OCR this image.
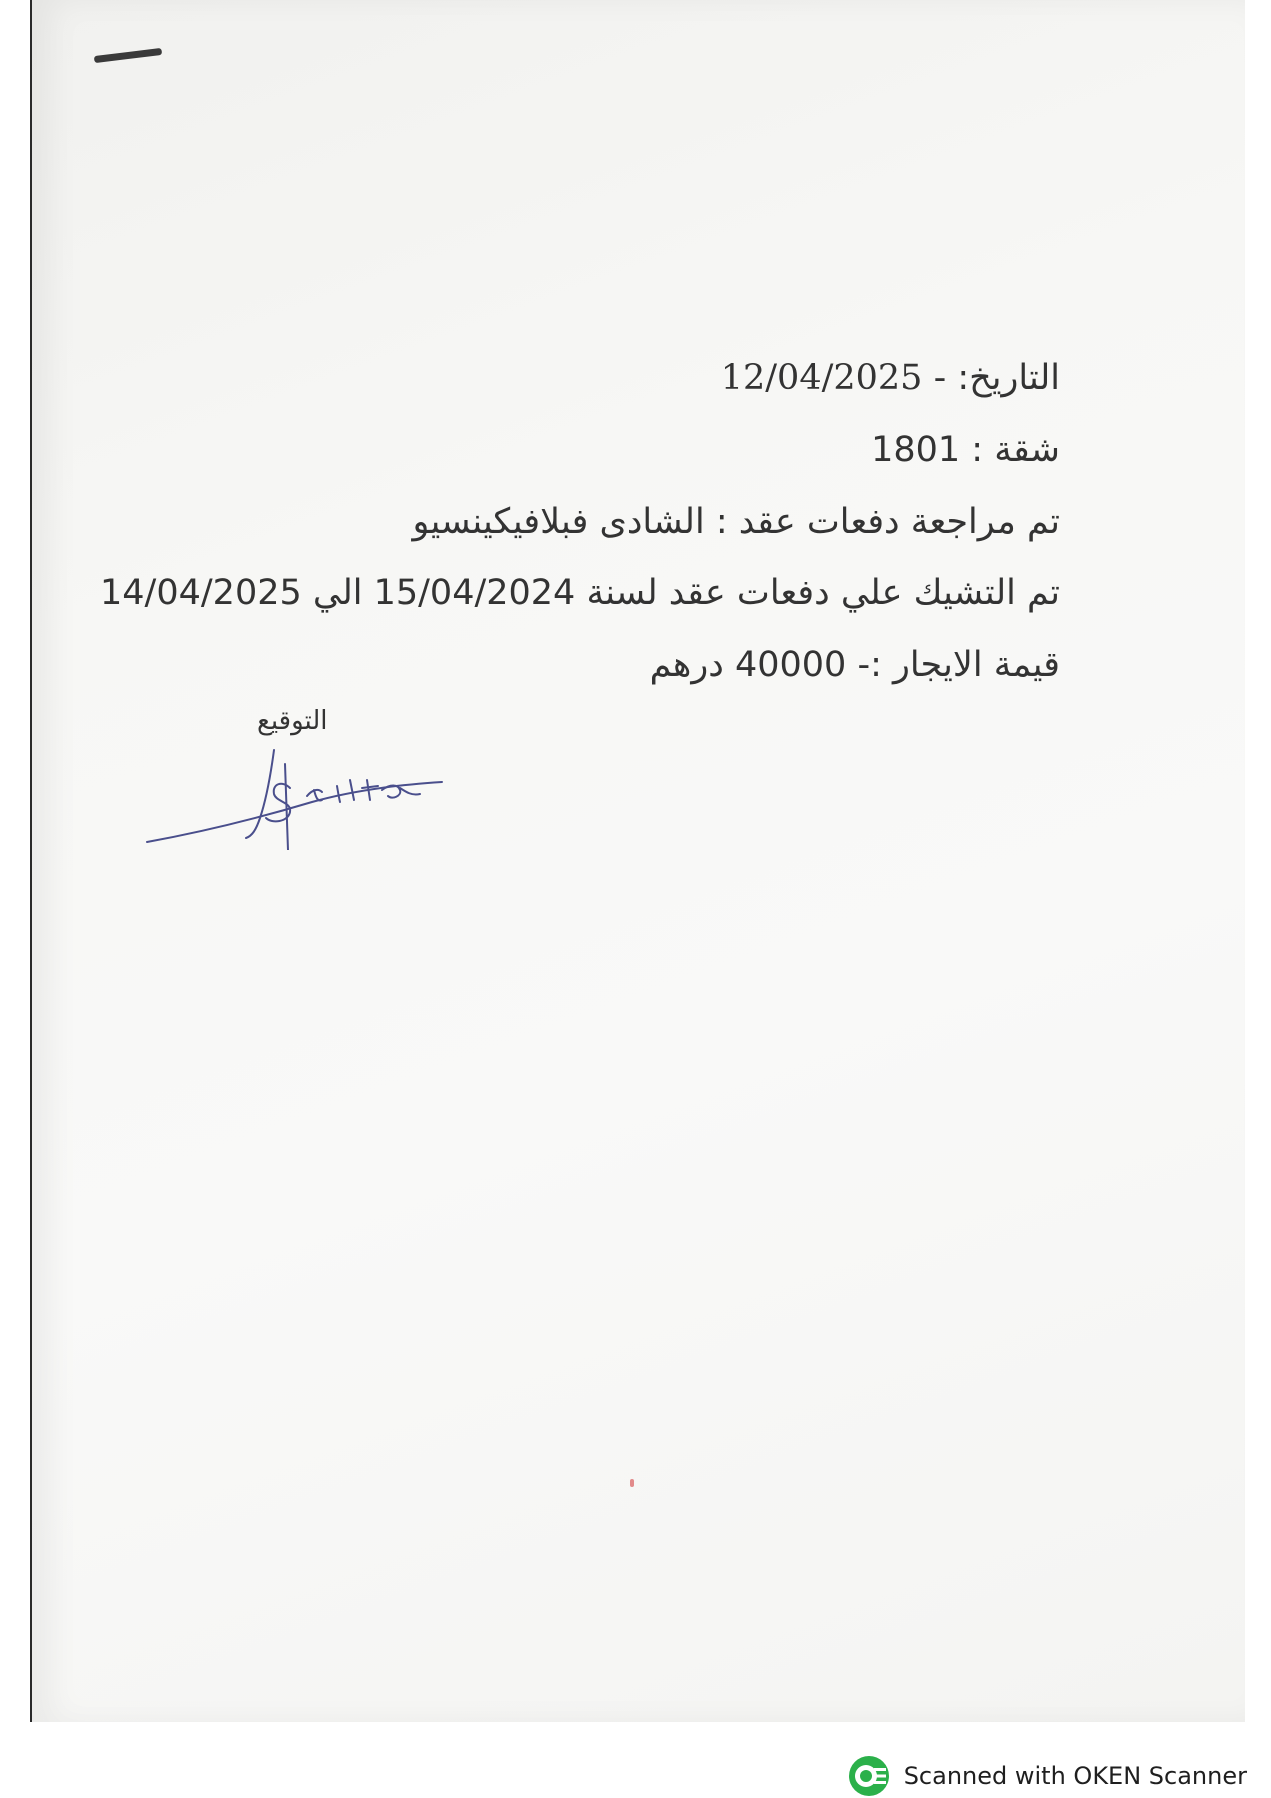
التاريخ: - 12/04/2025
شقة : 1801
تم مراجعة دفعات عقد : الشادى فبلافيكينسيو
تم التشيك علي دفعات عقد لسنة 15/04/2024 الي 14/04/2025
قيمة الايجار :- 40000 درهم
التوقيع
Scanned with OKEN Scanner
